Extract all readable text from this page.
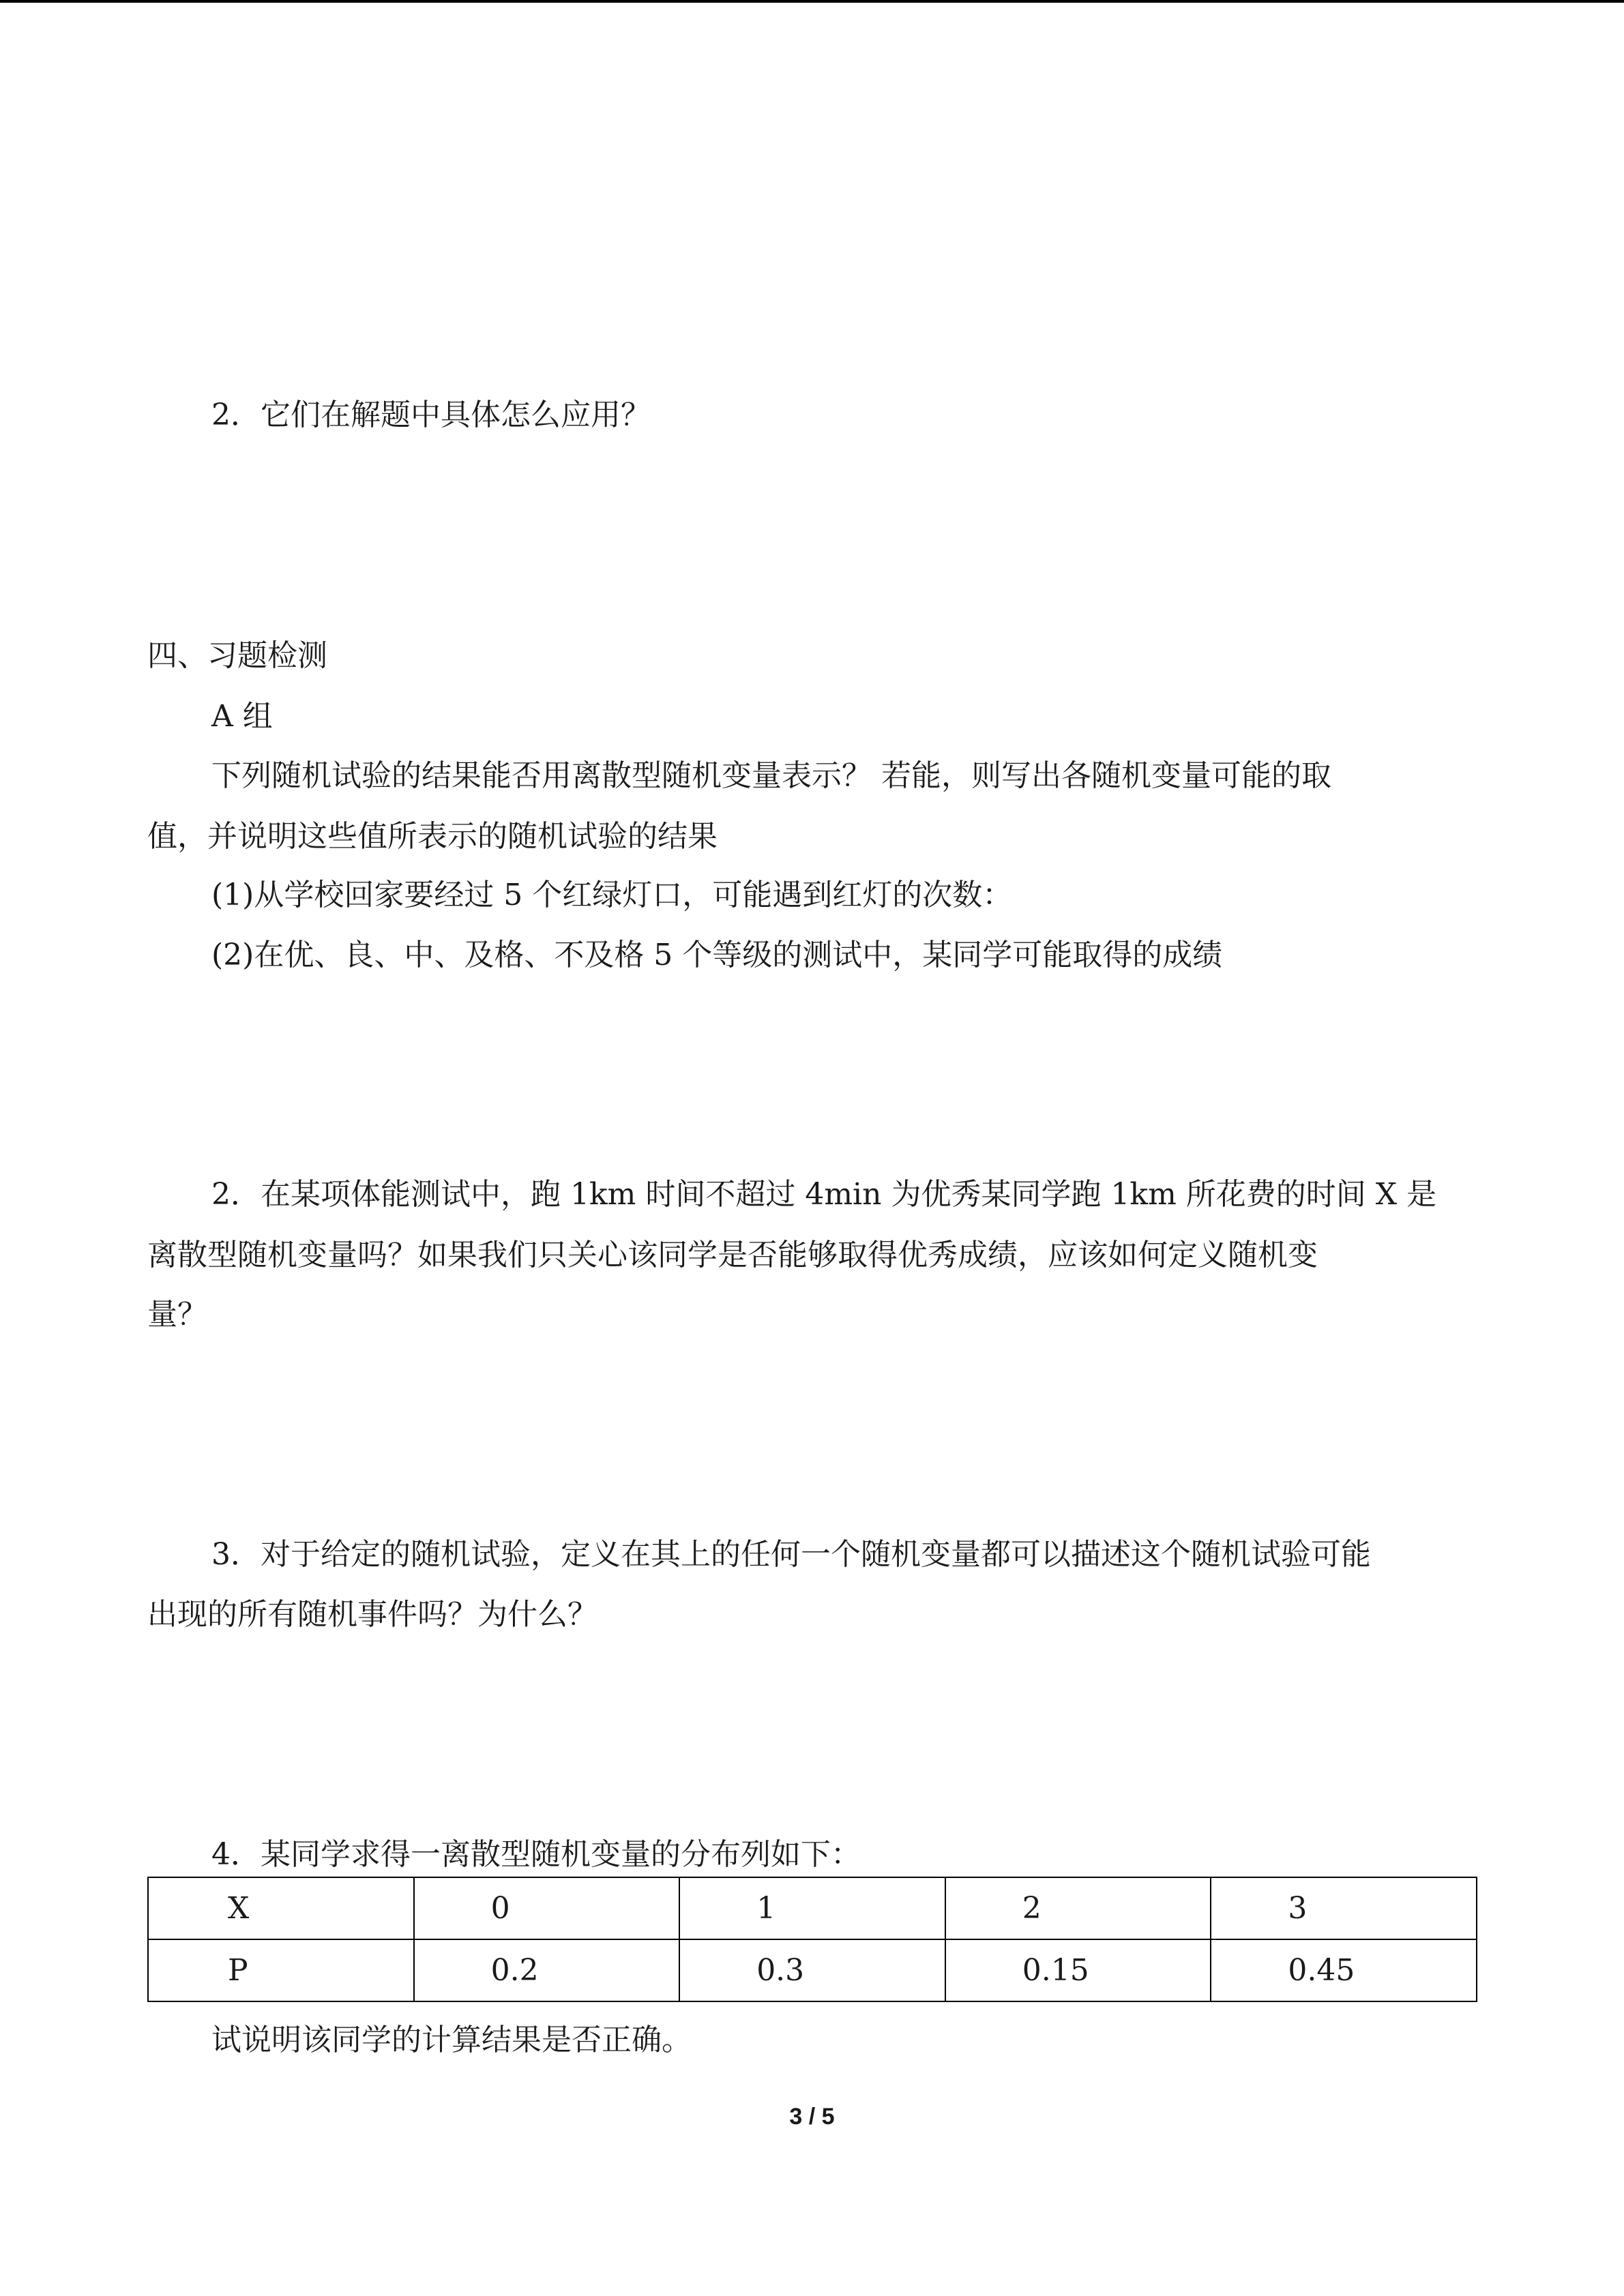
2．它们在解题中具体怎么应用？
四、习题检测
A 组
下列随机试验的结果能否用离散型随机变量表示？ 若能，则写出各随机变量可能的取
值，并说明这些值所表示的随机试验的结果
(1)从学校回家要经过 5 个红绿灯口，可能遇到红灯的次数：
(2)在优、良、中、及格、不及格 5 个等级的测试中，某同学可能取得的成绩
2．在某项体能测试中，跑 1km 时间不超过 4min 为优秀某同学跑 1km 所花费的时间 X 是
离散型随机变量吗？如果我们只关心该同学是否能够取得优秀成绩，应该如何定义随机变
量？
3．对于给定的随机试验，定义在其上的任何一个随机变量都可以描述这个随机试验可能
出现的所有随机事件吗？为什么？
4．某同学求得一离散型随机变量的分布列如下：
X	0	1	2	3
P	0.2	0.3	0.15	0.45
试说明该同学的计算结果是否正确。
3 / 5
